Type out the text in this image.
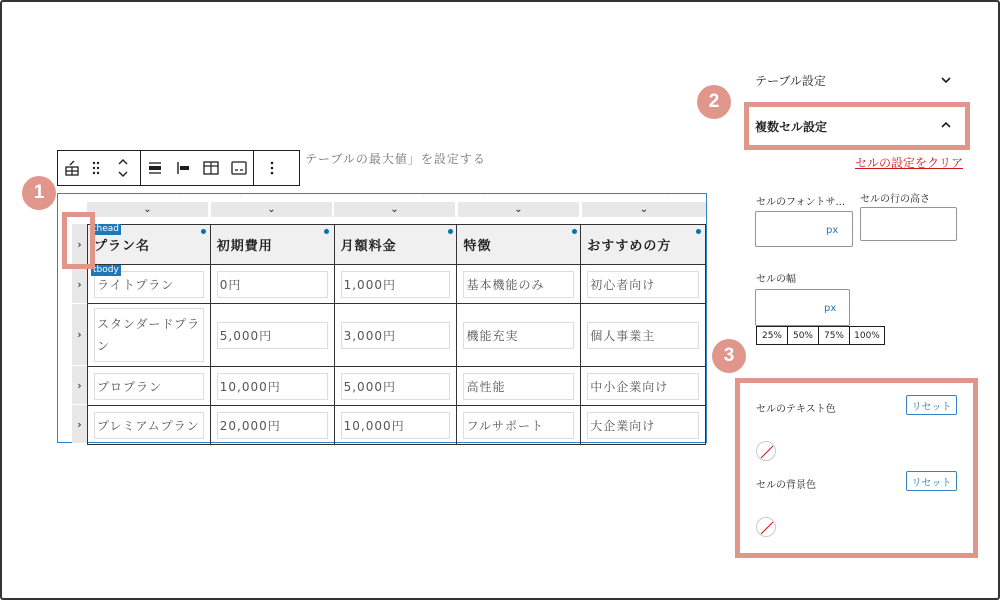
テーブルの最大値」を設定する
⌄	⌄	⌄	⌄	⌄
›
›
›
›
›
プラン名	初期費用	月額料金	特徴	おすすめの方

ライトプラン	0円	1,000円	基本機能のみ	初心者向け

スタンダードプラン	5,000円	3,000円	機能充実	個人事業主

プロプラン	10,000円	5,000円	高性能	中小企業向け

プレミアムプラン	20,000円	10,000円	フルサポート	大企業向け
thead
tbody
1
テーブル設定
複数セル設定
2
セルの設定をクリア
セルのフォントサ... セルの行の高さ
px
セルの幅
px
25%	50%	75%	100%
3
セルのテキスト色	リセット
セルの背景色	リセット
